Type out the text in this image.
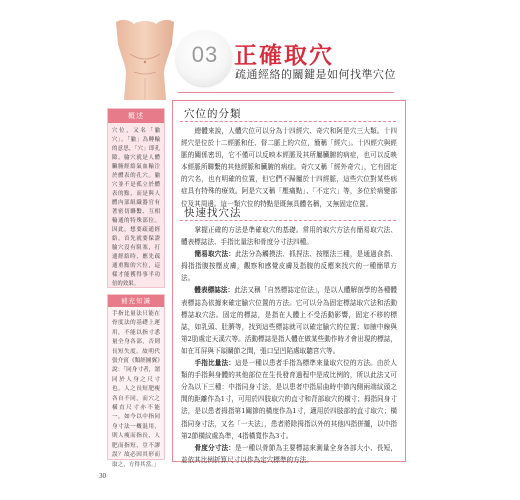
03 正確取穴
疏通經絡的關鍵是如何找準穴位
概述
穴位，又名「腧穴」。「腧」為轉輸的意思，「穴」即孔隙。腧穴就是人體臟腑經絡氣血輸注於體表的孔穴。腧穴並不是孤立於體表的點，而是與人體內部組織器官有著密切聯繫、互相輸通的特殊部位。因此，想要疏通經絡，首先就要保證腧穴沒有阻塞，打通經絡時，應先疏通重點的穴位，這樣才能獲得事半功倍的效果。
補充知識
手指比量法只能在骨度法的基礎上運用，不能以指寸悉量全身各部，否則長短失度。故明代張介賓《類經圖翼》說：「同身寸者，謂同於人身之尺寸也。人之長短肥瘦各自不同，而穴之橫直尺寸亦不能一，如今以中指同身寸法一概混用，則人瘦而指長，人肥而指短，豈不謬誤？故必因其形而取之，方得其當。」
穴位的分類

　　總體來說，人體穴位可以分為十四經穴、奇穴和阿是穴三大類。十四經穴是位於十二經脈和任、督二脈上的穴位，簡稱「經穴」。十四經穴與經脈的關係密切，它不僅可以反映本經脈及其所屬臟腑的病症，也可以反映本經脈所聯繫的其他經脈和臟腑的病症。奇穴又稱「經外奇穴」，它有固定的穴名，也有明確的位置，但它們不歸屬於十四經脈，這些穴位對某些病症具有特殊的療效。阿是穴又稱「壓痛點」、「不定穴」等，多位於病變部位及其周邊。這一類穴位的特點是既無具體名稱，又無固定位置。

快速找穴法

　　掌握正確的方法是準確取穴的基礎。常用的取穴方法有簡易取穴法、體表標誌法、手指比量法和骨度分寸法四種。

　　簡易取穴法：此法分為觸摸法、抓捏法、按壓法三種，是通過食指、拇指指腹按壓皮膚，觀察和感覺皮膚及指腹的反應來找穴的一種簡單方法。

　　體表標誌法：此法又稱「自然標誌定位法」，是以人體解剖學的各種體表標誌為依據來確定腧穴位置的方法。它可以分為固定標誌取穴法和活動標誌取穴法。固定的標誌，是指在人體上不受活動影響，固定不移的標誌，如乳頭、肚臍等，找到這些標誌就可以確定腧穴的位置；如腋中線與第2肋處定天溪穴等。活動標誌是指人體在做某些動作時才會出現的標誌，如在耳屏與下頜關節之間，張口呈凹陷處取聽宮穴等。

　　手指比量法：這是一種以患者手指為標準來量取穴位的方法。由於人類的手指與身體的其他部位在生長發育過程中是成比例的，所以此法又可分為以下三種：中指同身寸法，是以患者中指屈曲時中節內側兩端紋頭之間的距離作為1寸，可用於四肢取穴的直寸和背部取穴的橫寸；拇指同身寸法，是以患者拇指第1關節的橫度作為1寸，適用於四肢部的直寸取穴；橫指同身寸法，又名「一夫法」，患者將除拇指以外的其他四指併攏，以中指第2節橫紋處為準，4指橫寬作為3寸。

　　骨度分寸法：是一種以骨節為主要標誌來測量全身各部大小、長短，並依其比例折算尺寸以作為定穴標準的方法。

30
